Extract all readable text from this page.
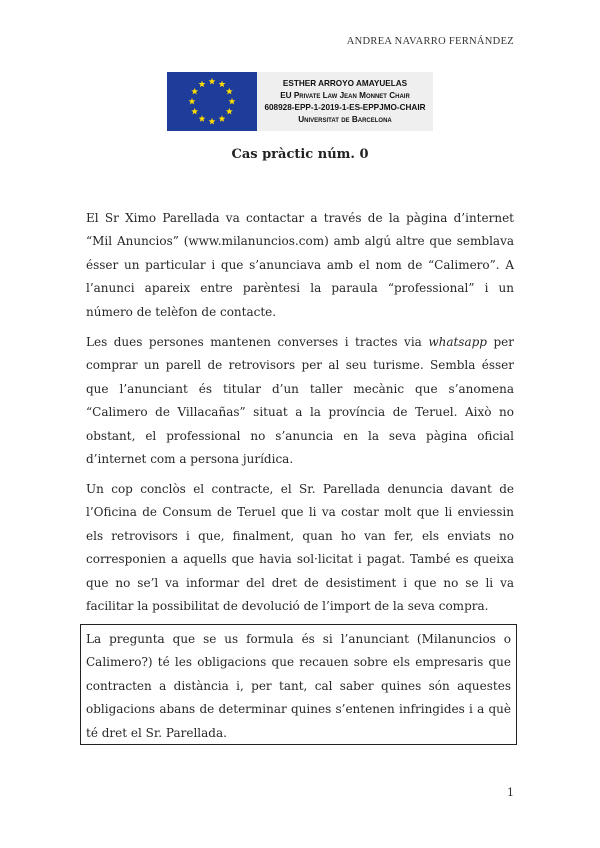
ANDREA NAVARRO FERNÁNDEZ
ESTHER ARROYO AMAYUELAS
EU Private Law Jean Monnet Chair
608928-EPP-1-2019-1-ES-EPPJMO-CHAIR
Universitat de Barcelona
Cas pràctic núm. 0

El Sr Ximo Parellada va contactar a través de la pàgina d’internet “Mil Anuncios” (www.milanuncios.com) amb algú altre que semblava ésser un particular i que s’anunciava amb el nom de “Calimero”. A l’anunci apareix entre parèntesi la paraula “professional” i un número de telèfon de contacte.

Les dues persones mantenen converses i tractes via whatsapp per comprar un parell de retrovisors per al seu turisme. Sembla ésser que l’anunciant és titular d’un taller mecànic que s’anomena “Calimero de Villacañas” situat a la província de Teruel. Això no obstant, el professional no s’anuncia en la seva pàgina oficial d’internet com a persona jurídica.

Un cop conclòs el contracte, el Sr. Parellada denuncia davant de l’Oficina de Consum de Teruel que li va costar molt que li enviessin els retrovisors i que, finalment, quan ho van fer, els enviats no corresponien a aquells que havia sol·licitat i pagat. També es queixa que no se’l va informar del dret de desistiment i que no se li va facilitar la possibilitat de devolució de l’import de la seva compra.

La pregunta que se us formula és si l’anunciant (Milanuncios o Calimero?) té les obligacions que recauen sobre els empresaris que contracten a distància i, per tant, cal saber quines són aquestes obligacions abans de determinar quines s’entenen infringides i a què té dret el Sr. Parellada.

1
